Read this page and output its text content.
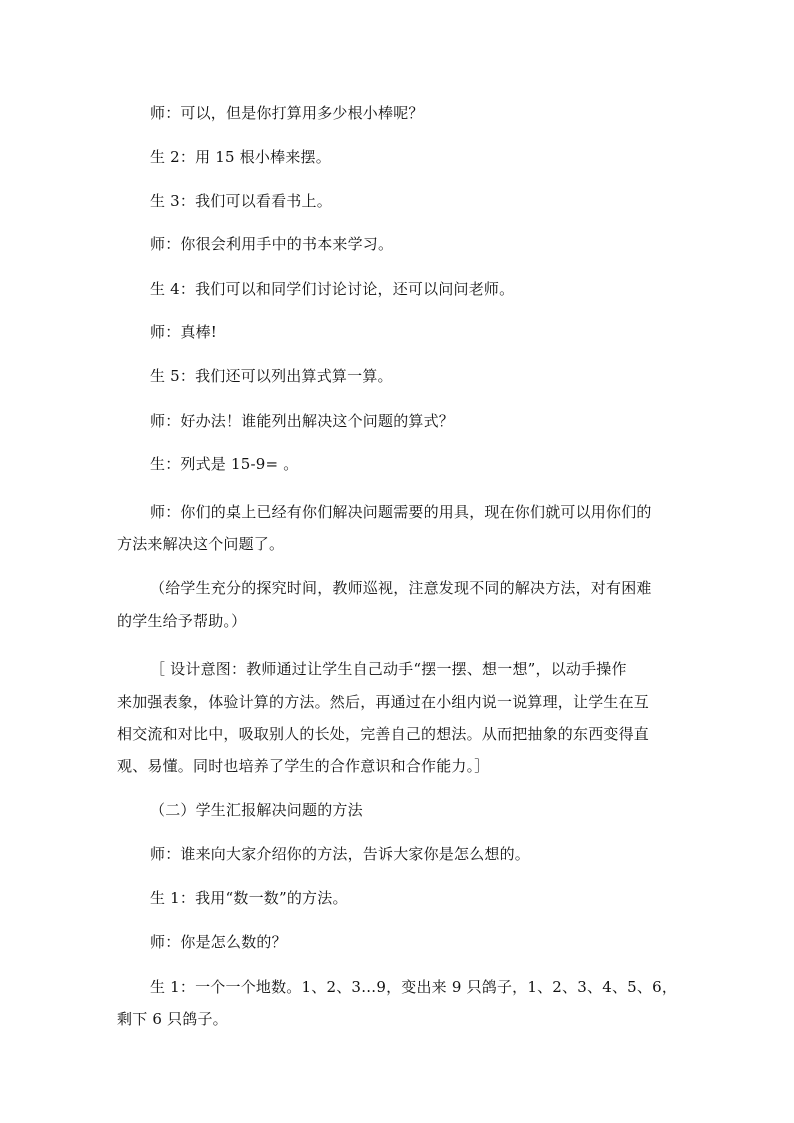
师：可以，但是你打算用多少根小棒呢？
生 2：用 15 根小棒来摆。
生 3：我们可以看看书上。
师：你很会利用手中的书本来学习。
生 4：我们可以和同学们讨论讨论，还可以问问老师。
师：真棒!
生 5：我们还可以列出算式算一算。
师：好办法！谁能列出解决这个问题的算式？
生：列式是 15-9= 。
师：你们的桌上已经有你们解决问题需要的用具，现在你们就可以用你们的
方法来解决这个问题了。
（给学生充分的探究时间，教师巡视，注意发现不同的解决方法，对有困难
的学生给予帮助。）
［ 设计意图：教师通过让学生自己动手“摆一摆、想一想”，以动手操作
来加强表象，体验计算的方法。然后，再通过在小组内说一说算理，让学生在互
相交流和对比中，吸取别人的长处，完善自己的想法。从而把抽象的东西变得直
观、易懂。同时也培养了学生的合作意识和合作能力。］
（二）学生汇报解决问题的方法
师：谁来向大家介绍你的方法，告诉大家你是怎么想的。
生 1：我用“数一数”的方法。
师：你是怎么数的？
生 1：一个一个地数。1、2、3…9，变出来 9 只鸽子，1、2、3、4、5、6，
剩下 6 只鸽子。
